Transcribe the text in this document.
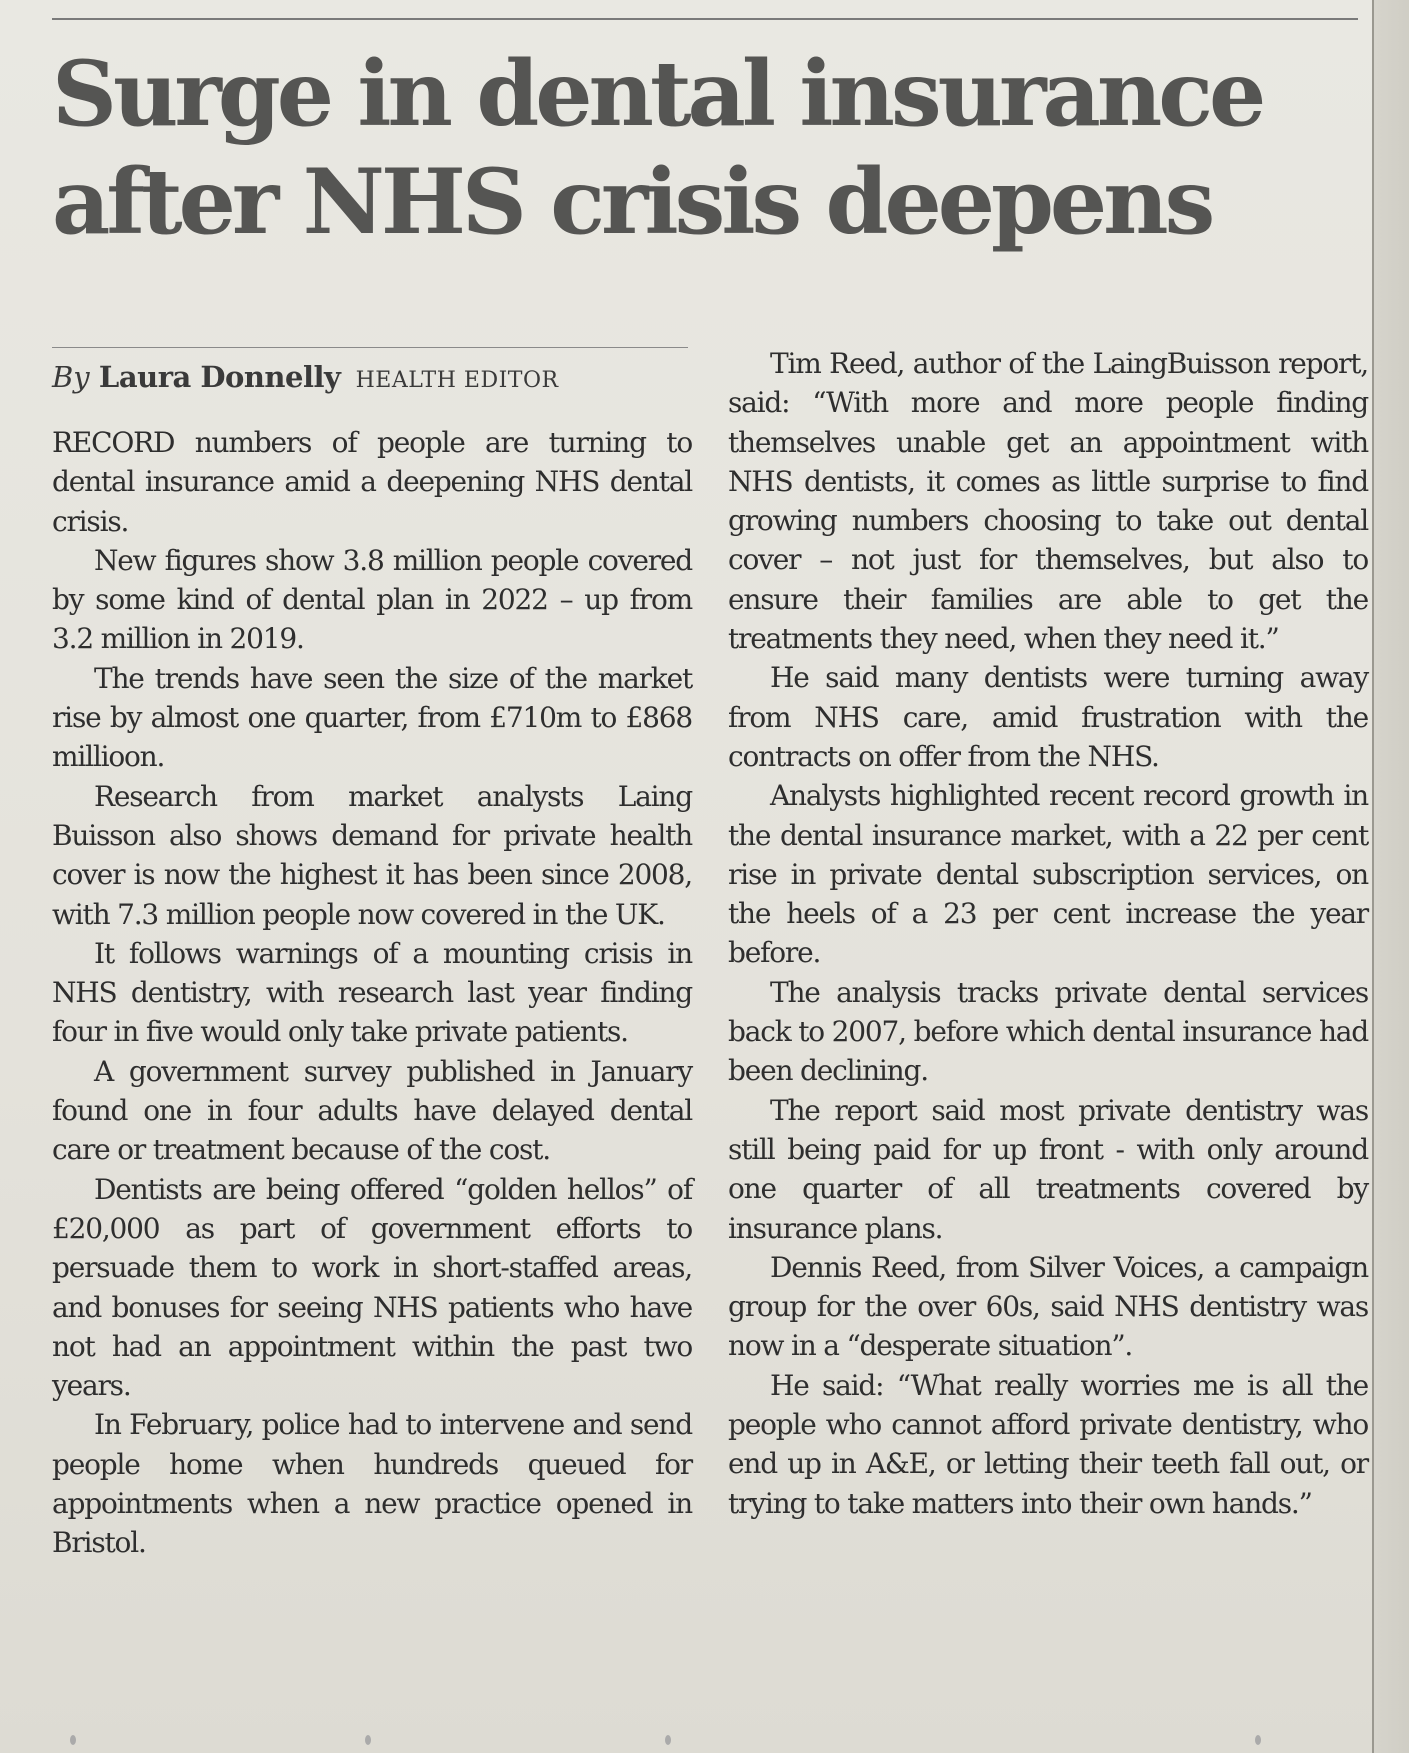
Surge in dental insurance
after NHS crisis deepens
By Laura Donnelly HEALTH EDITOR

RECORD numbers of people are turning to dental insurance amid a deepening NHS dental crisis.

New figures show 3.8 million people covered by some kind of dental plan in 2022 – up from 3.2 million in 2019.

The trends have seen the size of the market rise by almost one quarter, from £710m to £868 millioon.

Research from market analysts Laing Buisson also shows demand for private health cover is now the highest it has been since 2008, with 7.3 million people now covered in the UK.

It follows warnings of a mounting crisis in NHS dentistry, with research last year finding four in five would only take private patients.

A government survey published in January found one in four adults have delayed dental care or treatment because of the cost.

Dentists are being offered “golden hellos” of £20,000 as part of government efforts to persuade them to work in short-staffed areas, and bonuses for seeing NHS patients who have not had an appointment within the past two years.

In February, police had to intervene and send people home when hundreds queued for appointments when a new practice opened in Bristol.

Tim Reed, author of the LaingBuisson report, said: “With more and more people finding themselves unable get an appointment with NHS dentists, it comes as little surprise to find growing numbers choosing to take out dental cover – not just for themselves, but also to ensure their families are able to get the treatments they need, when they need it.”

He said many dentists were turning away from NHS care, amid frustration with the contracts on offer from the NHS.

Analysts highlighted recent record growth in the dental insurance market, with a 22 per cent rise in private dental subscription services, on the heels of a 23 per cent increase the year before.

The analysis tracks private dental services back to 2007, before which dental insurance had been declining.

The report said most private dentistry was still being paid for up front - with only around one quarter of all treatments covered by insurance plans.

Dennis Reed, from Silver Voices, a campaign group for the over 60s, said NHS dentistry was now in a “desperate situation”.

He said: “What really worries me is all the people who cannot afford private dentistry, who end up in A&E, or letting their teeth fall out, or trying to take matters into their own hands.”
